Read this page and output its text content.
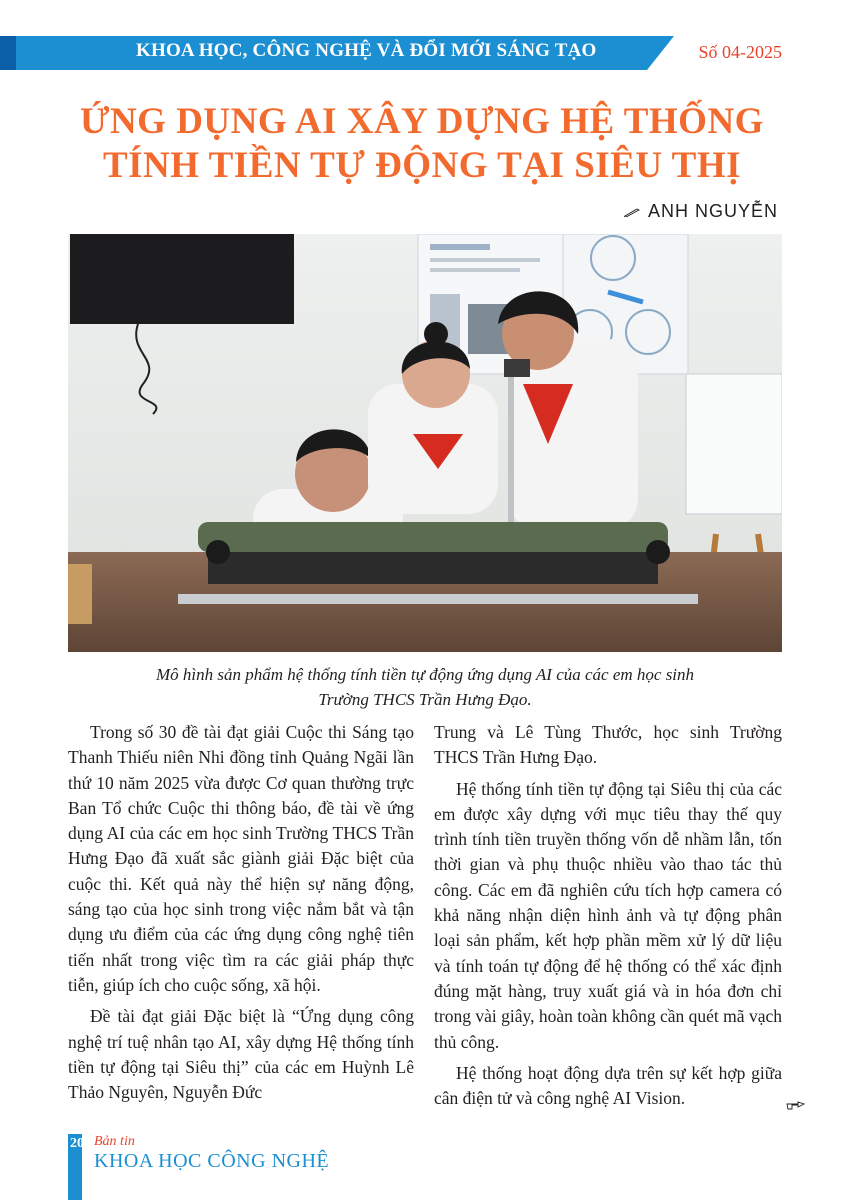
KHOA HỌC, CÔNG NGHỆ VÀ ĐỔI MỚI SÁNG TẠO	Số 04-2025
ỨNG DỤNG AI XÂY DỰNG HỆ THỐNG
TÍNH TIỀN TỰ ĐỘNG TẠI SIÊU THỊ
ANH NGUYỄN
Mô hình sản phẩm hệ thống tính tiền tự động ứng dụng AI của các em học sinh
Trường THCS Trần Hưng Đạo.

Trong số 30 đề tài đạt giải Cuộc thi Sáng tạo Thanh Thiếu niên Nhi đồng tỉnh Quảng Ngãi lần thứ 10 năm 2025 vừa được Cơ quan thường trực Ban Tổ chức Cuộc thi thông báo, đề tài về ứng dụng AI của các em học sinh Trường THCS Trần Hưng Đạo đã xuất sắc giành giải Đặc biệt của cuộc thi. Kết quả này thể hiện sự năng động, sáng tạo của học sinh trong việc nắm bắt và tận dụng ưu điểm của các ứng dụng công nghệ tiên tiến nhất trong việc tìm ra các giải pháp thực tiễn, giúp ích cho cuộc sống, xã hội.

Đề tài đạt giải Đặc biệt là “Ứng dụng công nghệ trí tuệ nhân tạo AI, xây dựng Hệ thống tính tiền tự động tại Siêu thị” của các em Huỳnh Lê Thảo Nguyên, Nguyễn Đức

Trung và Lê Tùng Thước, học sinh Trường THCS Trần Hưng Đạo.

Hệ thống tính tiền tự động tại Siêu thị của các em được xây dựng với mục tiêu thay thế quy trình tính tiền truyền thống vốn dễ nhầm lẫn, tốn thời gian và phụ thuộc nhiều vào thao tác thủ công. Các em đã nghiên cứu tích hợp camera có khả năng nhận diện hình ảnh và tự động phân loại sản phẩm, kết hợp phần mềm xử lý dữ liệu và tính toán tự động để hệ thống có thể xác định đúng mặt hàng, truy xuất giá và in hóa đơn chỉ trong vài giây, hoàn toàn không cần quét mã vạch thủ công.

Hệ thống hoạt động dựa trên sự kết hợp giữa cân điện tử và công nghệ AI Vision.

20 Bản tin
KHOA HỌC CÔNG NGHỆ
